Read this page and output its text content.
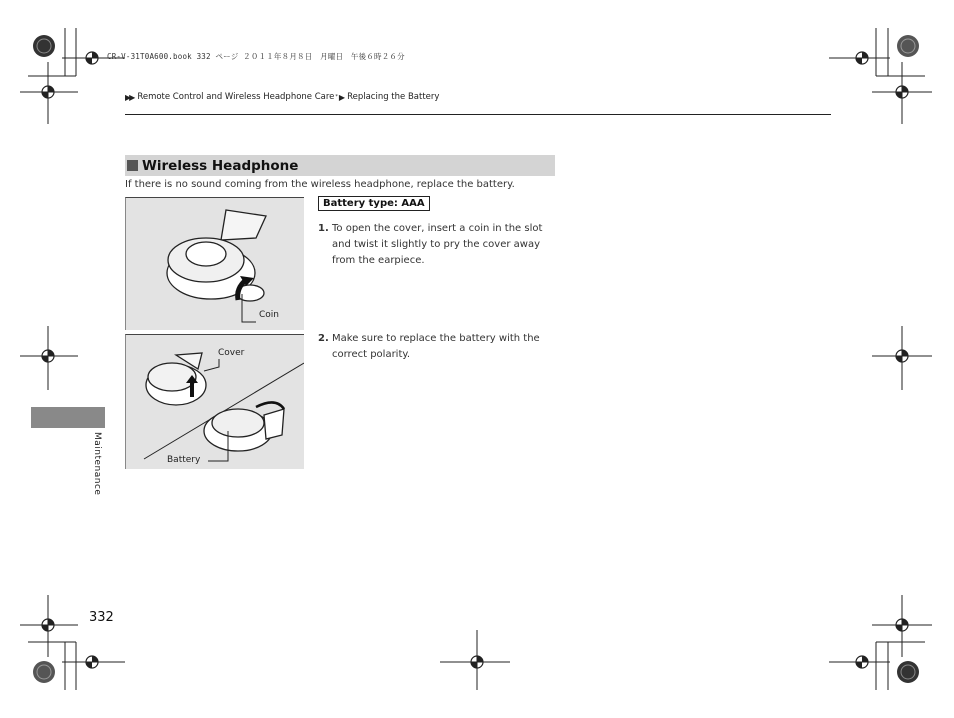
CR-V-31T0A600.book 332 ページ ２０１１年８月８日　月曜日　午後６時２６分
▶▶ Remote Control and Wireless Headphone Care * ▶ Replacing the Battery
Wireless Headphone
If there is no sound coming from the wireless headphone, replace the battery.
Coin
Cover
Battery
Battery type: AAA
1. To open the cover, insert a coin in the slot
and twist it slightly to pry the cover away
from the earpiece.
2. Make sure to replace the battery with the
correct polarity.
Maintenance
332
